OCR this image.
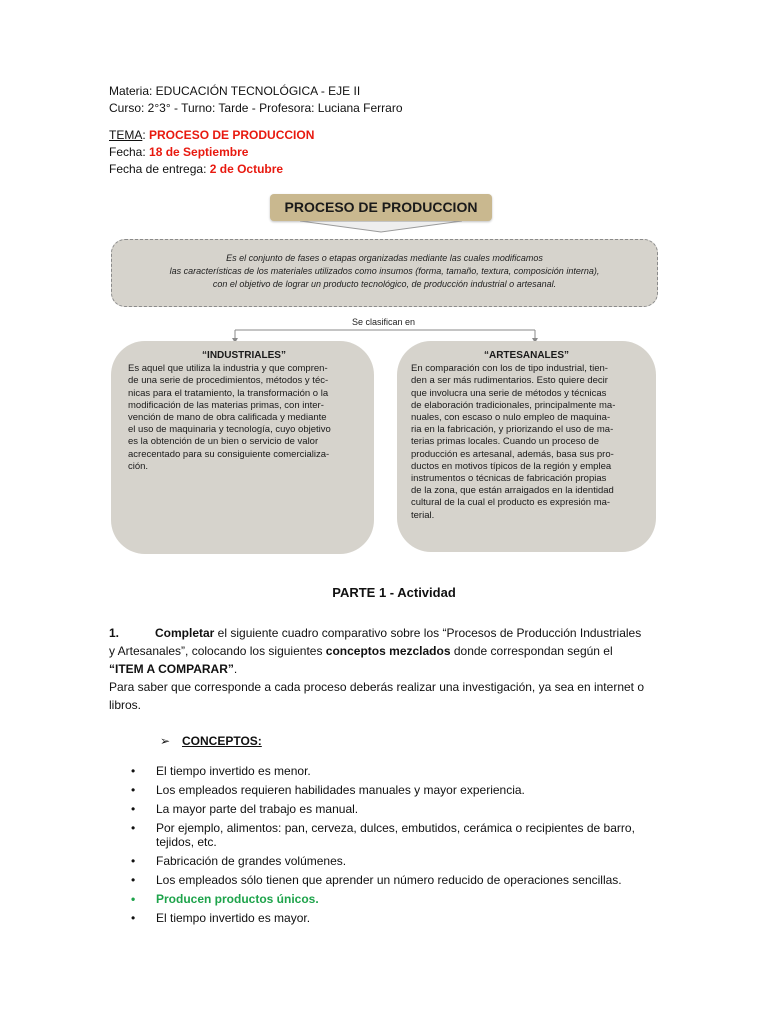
Materia: EDUCACIÓN TECNOLÓGICA - EJE II
Curso: 2°3° - Turno: Tarde - Profesora: Luciana Ferraro
TEMA: PROCESO DE PRODUCCION
Fecha: 18 de Septiembre
Fecha de entrega: 2 de Octubre
PROCESO DE PRODUCCION
Es el conjunto de fases o etapas organizadas mediante las cuales modificamos
las características de los materiales utilizados como insumos (forma, tamaño, textura, composición interna),
con el objetivo de lograr un producto tecnológico, de producción industrial o artesanal.
Se clasifican en
“INDUSTRIALES”
Es aquel que utiliza la industria y que compren-
de una serie de procedimientos, métodos y téc-
nicas para el tratamiento, la transformación o la
modificación de las materias primas, con inter-
vención de mano de obra calificada y mediante
el uso de maquinaria y tecnología, cuyo objetivo
es la obtención de un bien o servicio de valor
acrecentado para su consiguiente comercializa-
ción.
“ARTESANALES”
En comparación con los de tipo industrial, tien-
den a ser más rudimentarios. Esto quiere decir
que involucra una serie de métodos y técnicas
de elaboración tradicionales, principalmente ma-
nuales, con escaso o nulo empleo de maquina-
ria en la fabricación, y priorizando el uso de ma-
terias primas locales. Cuando un proceso de
producción es artesanal, además, basa sus pro-
ductos en motivos típicos de la región y emplea
instrumentos o técnicas de fabricación propias
de la zona, que están arraigados en la identidad
cultural de la cual el producto es expresión ma-
terial.
PARTE 1 - Actividad
1.	Completar el siguiente cuadro comparativo sobre los “Procesos de Producción Industriales y Artesanales”, colocando los siguientes conceptos mezclados donde correspondan según el “ITEM A COMPARAR”.
Para saber que corresponde a cada proceso deberás realizar una investigación, ya sea en internet o libros.
➢ CONCEPTOS:
• El tiempo invertido es menor.
• Los empleados requieren habilidades manuales y mayor experiencia.
• La mayor parte del trabajo es manual.
• Por ejemplo, alimentos: pan, cerveza, dulces, embutidos, cerámica o recipientes de barro, tejidos, etc.
• Fabricación de grandes volúmenes.
• Los empleados sólo tienen que aprender un número reducido de operaciones sencillas.
• Producen productos únicos.
• El tiempo invertido es mayor.
